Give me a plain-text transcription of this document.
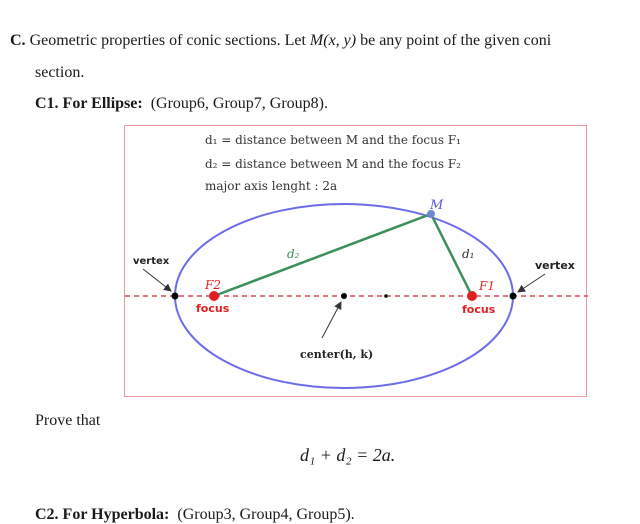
C. Geometric properties of conic sections. Let M(x, y) be any point of the given coni
section.
C1. For Ellipse: (Group6, Group7, Group8).
d₁ = distance between M and the focus F₁
d₂ = distance between M and the focus F₂
major axis lenght : 2a
M
d₂	d₁
F2	F1
focus	focus
vertex	vertex
center(h, k)
Prove that
d₁ + d₂ = 2a.
C2. For Hyperbola: (Group3, Group4, Group5).
